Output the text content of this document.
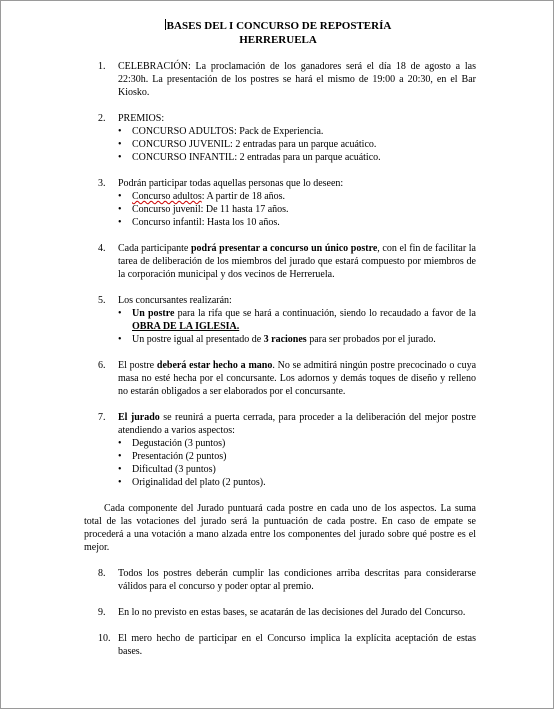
BASES DEL I CONCURSO DE REPOSTERÍA
HERRERUELA
1.	CELEBRACIÓN: La proclamación de los ganadores será el día 18 de agosto a las 22:30h. La presentación de los postres se hará el mismo de 19:00 a 20:30, en el Bar Kiosko.
2.	PREMIOS:
• CONCURSO ADULTOS: Pack de Experiencia.
• CONCURSO JUVENIL: 2 entradas para un parque acuático.
• CONCURSO INFANTIL: 2 entradas para un parque acuático.
3.	Podrán participar todas aquellas personas que lo deseen:
• Concurso adultos: A partir de 18 años.
• Concurso juvenil: De 11 hasta 17 años.
• Concurso infantil: Hasta los 10 años.
4.	Cada participante podrá presentar a concurso un único postre, con el fin de facilitar la tarea de deliberación de los miembros del jurado que estará compuesto por miembros de la corporación municipal y dos vecinos de Herreruela.
5.	Los concursantes realizarán:
• Un postre para la rifa que se hará a continuación, siendo lo recaudado a favor de la OBRA DE LA IGLESIA.
• Un postre igual al presentado de 3 raciones para ser probados por el jurado.
6.	El postre deberá estar hecho a mano. No se admitirá ningún postre precocinado o cuya masa no esté hecha por el concursante. Los adornos y demás toques de diseño y relleno no estarán obligados a ser elaborados por el concursante.
7.	El jurado se reunirá a puerta cerrada, para proceder a la deliberación del mejor postre atendiendo a varios aspectos:
• Degustación (3 puntos)
• Presentación (2 puntos)
• Dificultad (3 puntos)
• Originalidad del plato (2 puntos).
Cada componente del Jurado puntuará cada postre en cada uno de los aspectos. La suma total de las votaciones del jurado será la puntuación de cada postre. En caso de empate se procederá a una votación a mano alzada entre los componentes del jurado sobre qué postre es el mejor.
8.	Todos los postres deberán cumplir las condiciones arriba descritas para considerarse válidos para el concurso y poder optar al premio.
9.	En lo no previsto en estas bases, se acatarán de las decisiones del Jurado del Concurso.
10. El mero hecho de participar en el Concurso implica la explícita aceptación de estas bases.
